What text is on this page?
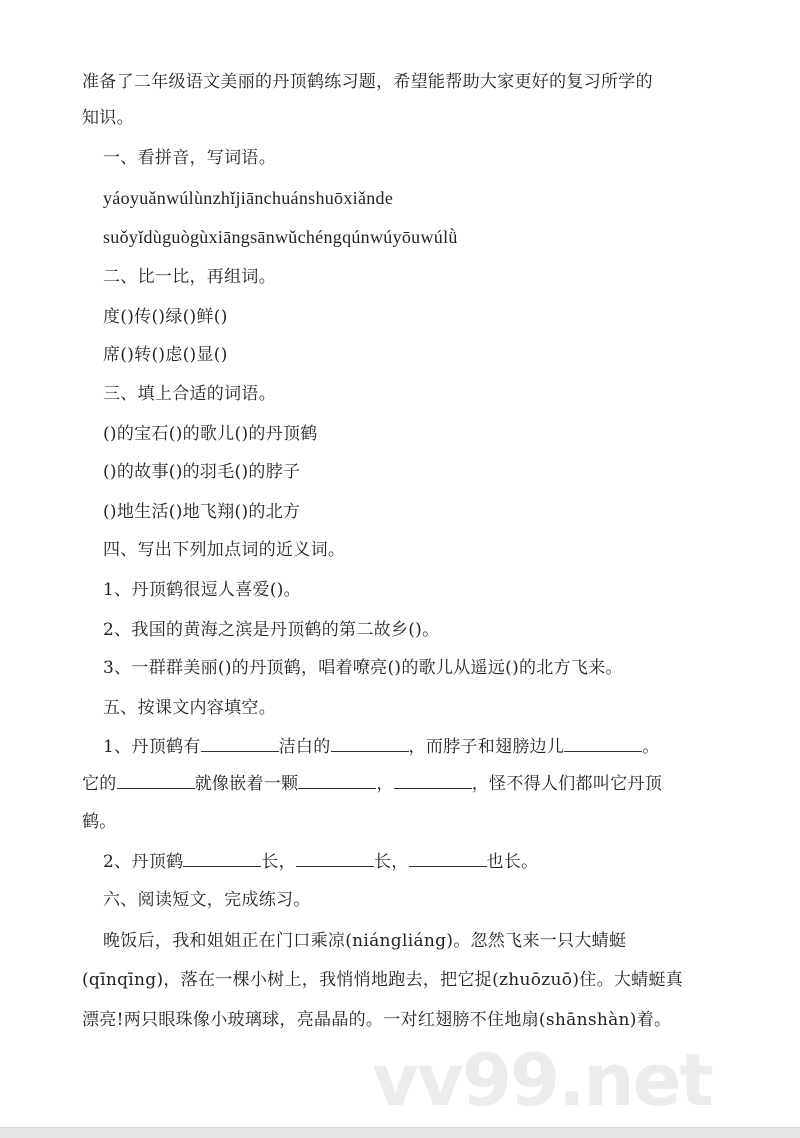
准备了二年级语文美丽的丹顶鹤练习题，希望能帮助大家更好的复习所学的
知识。
一、看拼音，写词语。
yáoyuǎnwúlùnzhǐjiānchuánshuōxiǎnde
suǒyǐdùguògùxiāngsānwǔchéngqúnwúyōuwúlǜ
二、比一比，再组词。
度()传()绿()鲜()
席()转()虑()显()
三、填上合适的词语。
()的宝石()的歌儿()的丹顶鹤
()的故事()的羽毛()的脖子
()地生活()地飞翔()的北方
四、写出下列加点词的近义词。
1、丹顶鹤很逗人喜爱()。
2、我国的黄海之滨是丹顶鹤的第二故乡()。
3、一群群美丽()的丹顶鹤，唱着嘹亮()的歌儿从遥远()的北方飞来。
五、按课文内容填空。
1、丹顶鹤有	洁白的	，而脖子和翅膀边儿	。
它的	就像嵌着一颗	，	，怪不得人们都叫它丹顶
鹤。
2、丹顶鹤	长，	长，	也长。
六、阅读短文，完成练习。
晚饭后，我和姐姐正在门口乘凉(niángliáng)。忽然飞来一只大蜻蜓
(qīnqīng)，落在一棵小树上，我悄悄地跑去，把它捉(zhuōzuō)住。大蜻蜓真
漂亮!两只眼珠像小玻璃球，亮晶晶的。一对红翅膀不住地扇(shānshàn)着。
vv99.net
